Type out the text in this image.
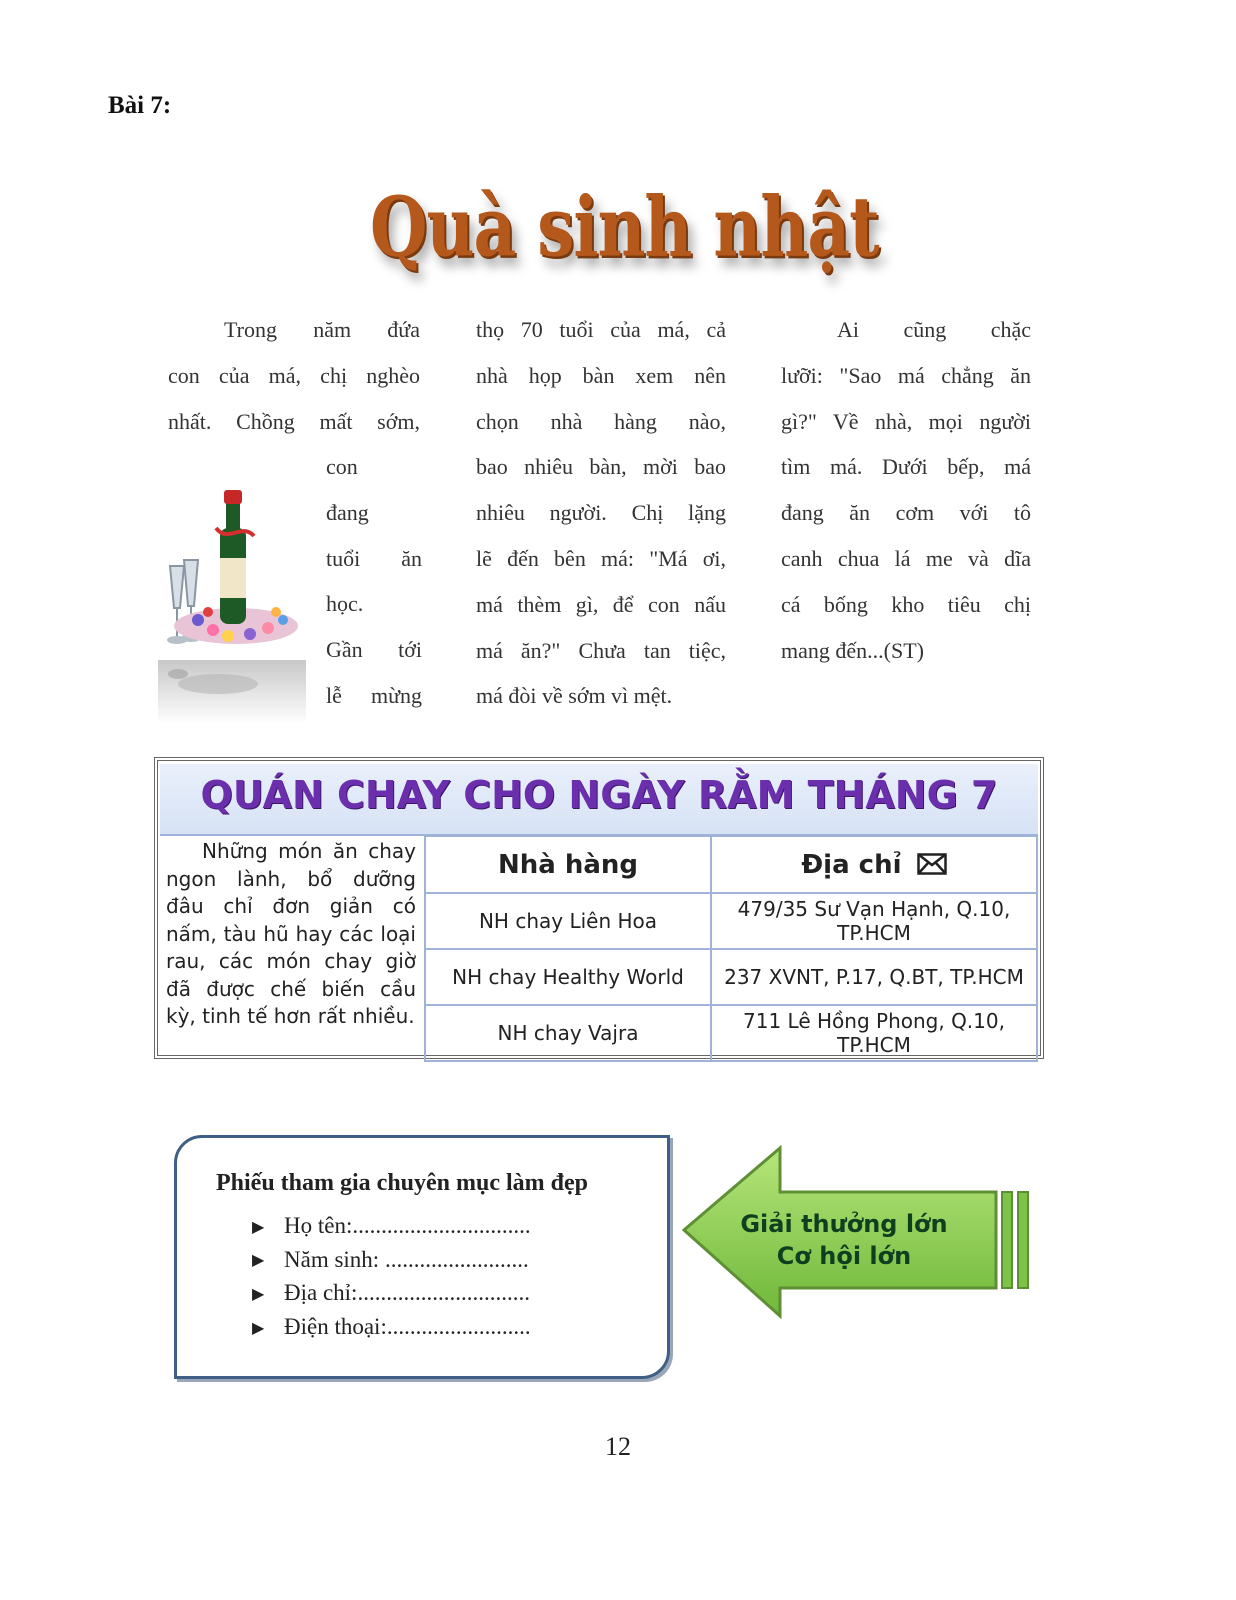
Bài 7:
Quà sinh nhật

Trong năm đứa

con của má, chị nghèo

nhất. Chồng mất sớm,

con

đang

tuổi ăn

học.

Gần tới

lễ mừng

thọ 70 tuổi của má, cả

nhà họp bàn xem nên

chọn nhà hàng nào,

bao nhiêu bàn, mời bao

nhiêu người. Chị lặng

lẽ đến bên má: "Má ơi,

má thèm gì, để con nấu

má ăn?" Chưa tan tiệc,

má đòi về sớm vì mệt.

Ai cũng chặc

lưỡi: "Sao má chẳng ăn

gì?" Về nhà, mọi người

tìm má. Dưới bếp, má

đang ăn cơm với tô

canh chua lá me và dĩa

cá bống kho tiêu chị

mang đến...(ST)

QUÁN CHAY CHO NGÀY RẰM THÁNG 7
Những món ăn chay ngon lành, bổ dưỡng đâu chỉ đơn giản có nấm, tàu hũ hay các loại rau, các món chay giờ đã được chế biến cầu kỳ, tinh tế hơn rất nhiều.
Nhà hàng	Địa chỉ
NH chay Liên Hoa	479/35 Sư Vạn Hạnh, Q.10, TP.HCM
NH chay Healthy World	237 XVNT, P.17, Q.BT, TP.HCM
NH chay Vajra	711 Lê Hồng Phong, Q.10, TP.HCM
Phiếu tham gia chuyên mục làm đẹp
▶ Họ tên:...............................
▶ Năm sinh: .........................
▶ Địa chỉ:..............................
▶ Điện thoại:.........................
Giải thưởng lớn
Cơ hội lớn
12
